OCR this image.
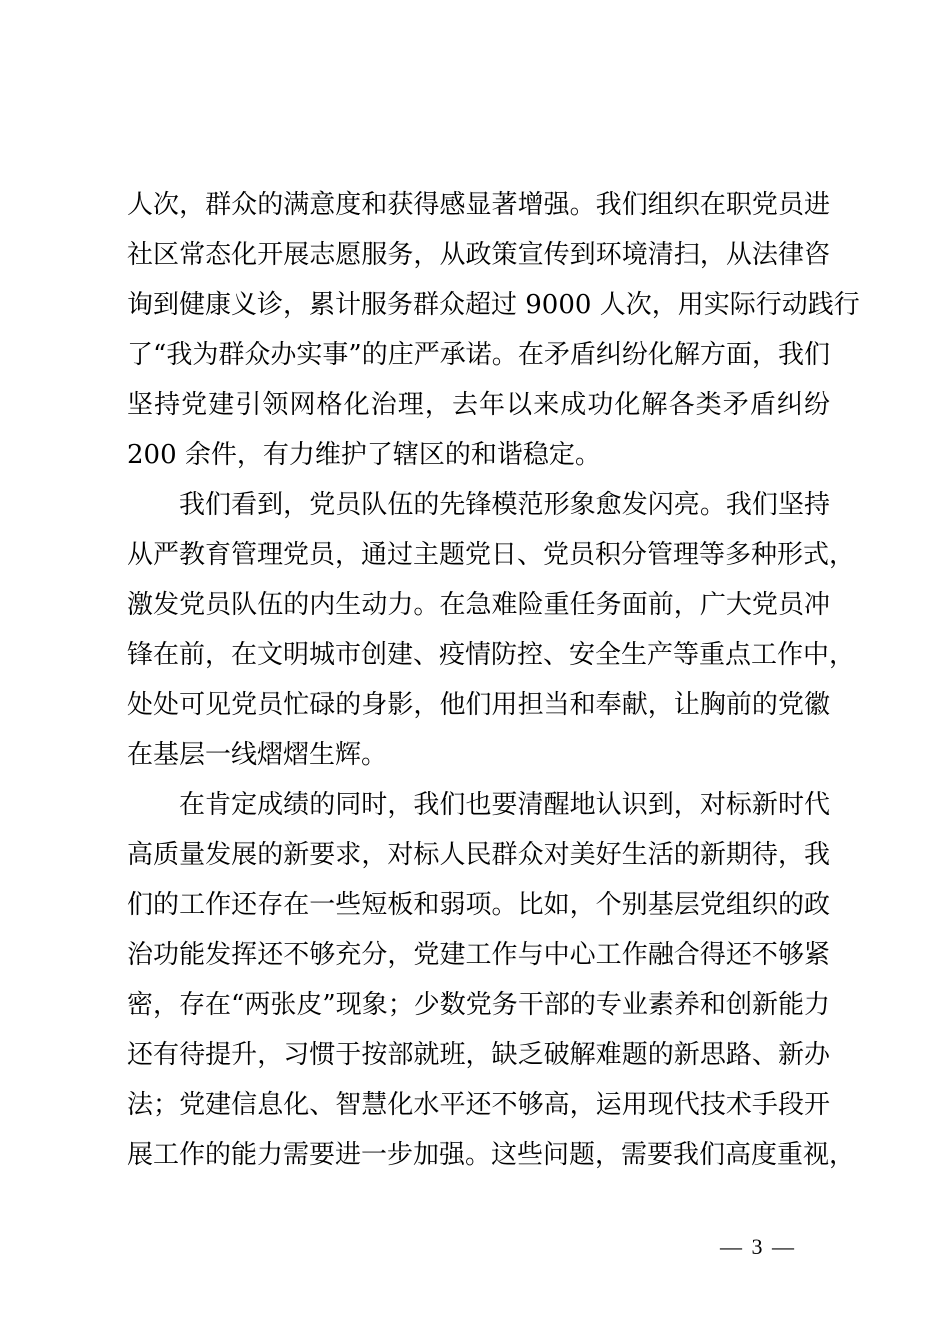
人次，群众的满意度和获得感显著增强。我们组织在职党员进
社区常态化开展志愿服务，从政策宣传到环境清扫，从法律咨
询到健康义诊，累计服务群众超过 9000 人次，用实际行动践行
了“我为群众办实事”的庄严承诺。在矛盾纠纷化解方面，我们
坚持党建引领网格化治理，去年以来成功化解各类矛盾纠纷
200 余件，有力维护了辖区的和谐稳定。
我们看到，党员队伍的先锋模范形象愈发闪亮。我们坚持
从严教育管理党员，通过主题党日、党员积分管理等多种形式，
激发党员队伍的内生动力。在急难险重任务面前，广大党员冲
锋在前，在文明城市创建、疫情防控、安全生产等重点工作中，
处处可见党员忙碌的身影，他们用担当和奉献，让胸前的党徽
在基层一线熠熠生辉。
在肯定成绩的同时，我们也要清醒地认识到，对标新时代
高质量发展的新要求，对标人民群众对美好生活的新期待，我
们的工作还存在一些短板和弱项。比如，个别基层党组织的政
治功能发挥还不够充分，党建工作与中心工作融合得还不够紧
密，存在“两张皮”现象；少数党务干部的专业素养和创新能力
还有待提升，习惯于按部就班，缺乏破解难题的新思路、新办
法；党建信息化、智慧化水平还不够高，运用现代技术手段开
展工作的能力需要进一步加强。这些问题，需要我们高度重视，
— 3 —
